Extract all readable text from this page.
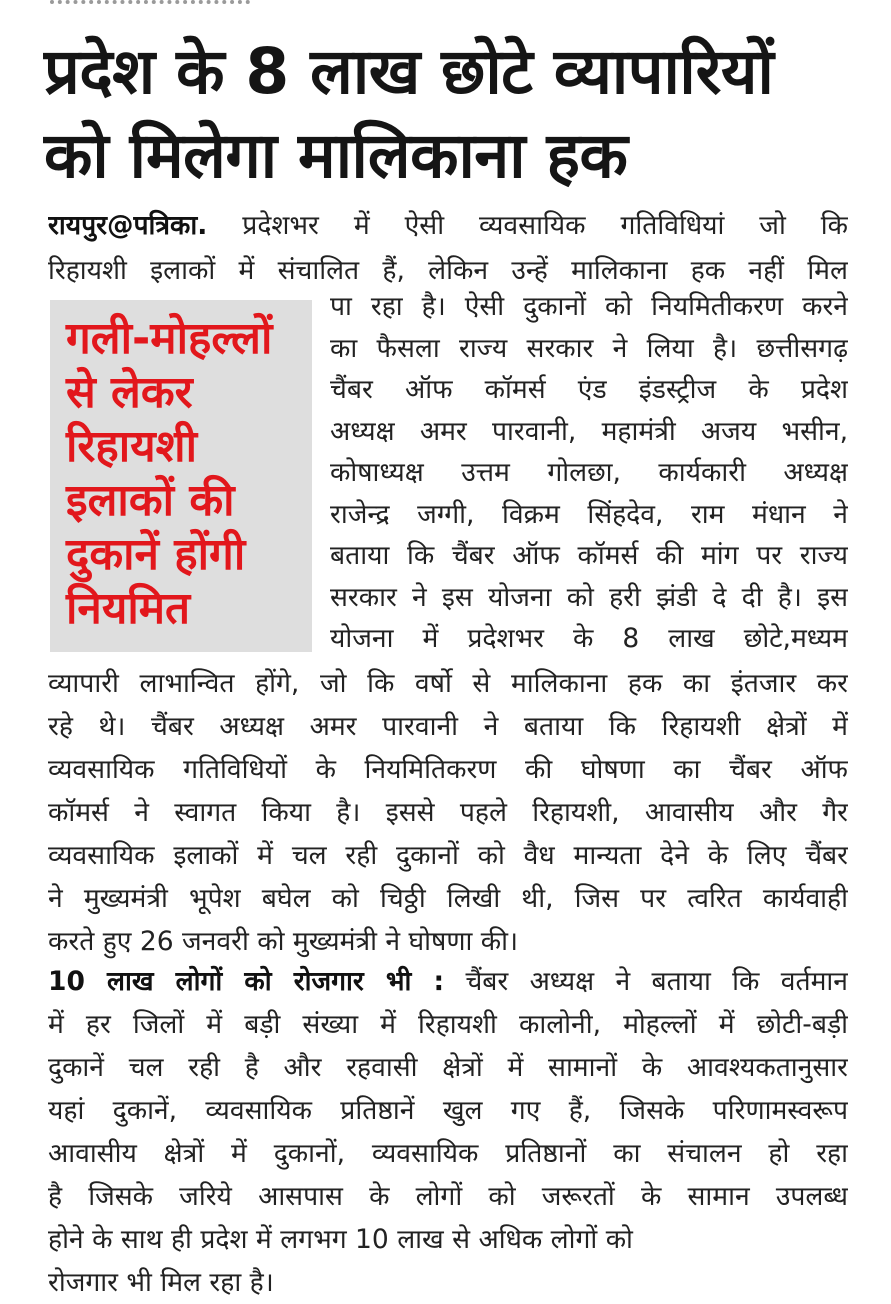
प्रदेश के 8 लाख छोटे व्यापारियों
को मिलेगा मालिकाना हक
रायपुर@पत्रिका. प्रदेशभर में ऐसी व्यवसायिक गतिविधियां जो कि
रिहायशी इलाकों में संचालित हैं, लेकिन उन्हें मालिकाना हक नहीं मिल
गली-मोहल्लों
से लेकर
रिहायशी
इलाकों की
दुकानें होंगी
नियमित
पा रहा है। ऐसी दुकानों को नियमितीकरण करने
का फैसला राज्य सरकार ने लिया है। छत्तीसगढ़
चैंबर ऑफ कॉमर्स एंड इंडस्ट्रीज के प्रदेश
अध्यक्ष अमर पारवानी, महामंत्री अजय भसीन,
कोषाध्यक्ष उत्तम गोलछा, कार्यकारी अध्यक्ष
राजेन्द्र जग्गी, विक्रम सिंहदेव, राम मंधान ने
बताया कि चैंबर ऑफ कॉमर्स की मांग पर राज्य
सरकार ने इस योजना को हरी झंडी दे दी है। इस
योजना में प्रदेशभर के 8 लाख छोटे,मध्यम
व्यापारी लाभान्वित होंगे, जो कि वर्षो से मालिकाना हक का इंतजार कर
रहे थे। चैंबर अध्यक्ष अमर पारवानी ने बताया कि रिहायशी क्षेत्रों में
व्यवसायिक गतिविधियों के नियमितिकरण की घोषणा का चैंबर ऑफ
कॉमर्स ने स्वागत किया है। इससे पहले रिहायशी, आवासीय और गैर
व्यवसायिक इलाकों में चल रही दुकानों को वैध मान्यता देने के लिए चैंबर
ने मुख्यमंत्री भूपेश बघेल को चिठ्ठी लिखी थी, जिस पर त्वरित कार्यवाही
करते हुए 26 जनवरी को मुख्यमंत्री ने घोषणा की।
10 लाख लोगों को रोजगार भी : चैंबर अध्यक्ष ने बताया कि वर्तमान
में हर जिलों में बड़ी संख्या में रिहायशी कालोनी, मोहल्लों में छोटी-बड़ी
दुकानें चल रही है और रहवासी क्षेत्रों में सामानों के आवश्यकतानुसार
यहां दुकानें, व्यवसायिक प्रतिष्ठानें खुल गए हैं, जिसके परिणामस्वरूप
आवासीय क्षेत्रों में दुकानों, व्यवसायिक प्रतिष्ठानों का संचालन हो रहा
है जिसके जरिये आसपास के लोगों को जरूरतों के सामान उपलब्ध
होने के साथ ही प्रदेश में लगभग 10 लाख से अधिक लोगों को
रोजगार भी मिल रहा है।
